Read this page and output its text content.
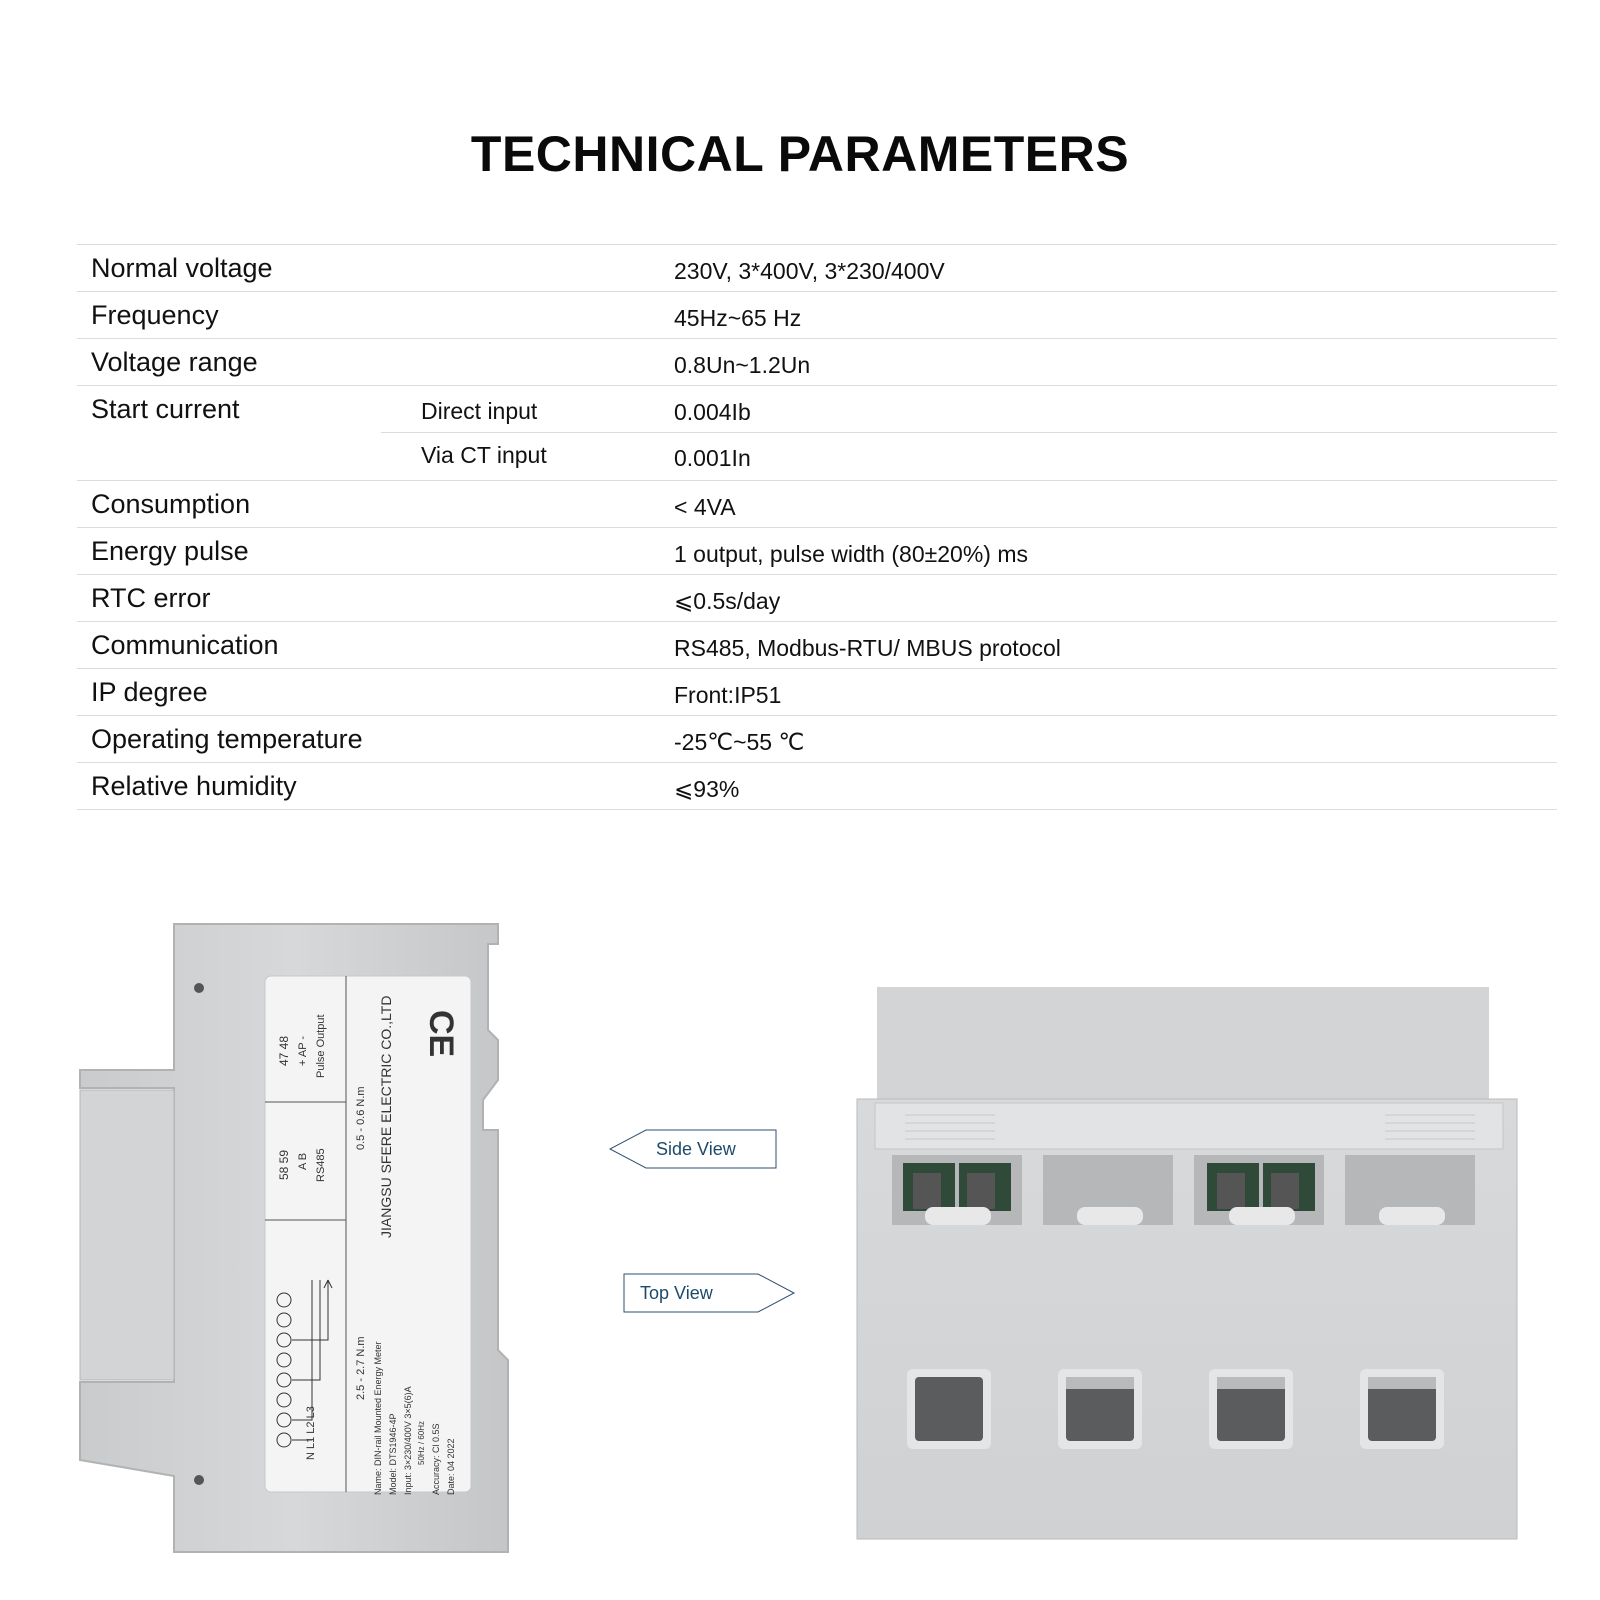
TECHNICAL PARAMETERS
Normal voltage	230V, 3*400V, 3*230/400V
Frequency	45Hz~65 Hz
Voltage range	0.8Un~1.2Un
Start current	Direct input	0.004Ib
Via CT input	0.001In
Consumption	< 4VA
Energy pulse	1 output, pulse width (80±20%) ms
RTC error	⩽0.5s/day
Communication	RS485, Modbus-RTU/ MBUS protocol
IP degree	Front:IP51
Operating temperature	-25℃~55 ℃
Relative humidity	⩽93%
CE
JIANGSU SFERE ELECTRIC CO.,LTD
0.5 - 0.6 N.m
2.5 - 2.7 N.m
47 48 + AP - Pulse Output
58 59 A B RS485
N L1 L2 L3	Name: DIN-rail Mounted Energy Meter Model: DTS1946-4P Input: 3×230/400V 3×5(6)A 50Hz / 60Hz Accuracy: Cl 0.5S Date: 04 2022
Side View
Top View
